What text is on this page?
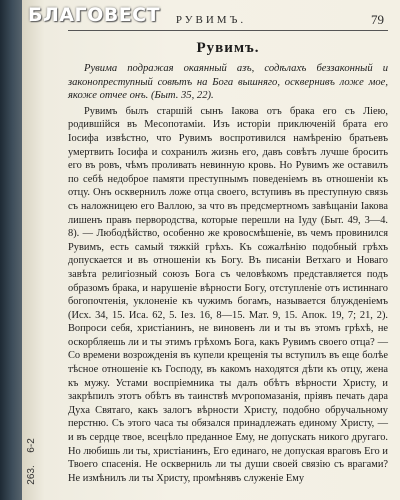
БЛАГОВЕСТ	РУВИМЪ.	79
Рувимъ.

Рувима подражая окаянный азъ, содѣлахъ беззаконный и законопреступный совѣтъ на Бога вышняго, осквернивъ ложе мое, якоже отчее онъ. (Быт. 35, 22).

Рувимъ былъ старшій сынъ Іакова отъ брака его съ Ліею, родившійся въ Месопотаміи. Изъ исторіи приключеній брата его Іосифа извѣстно, что Рувимъ воспротивился намѣренію братьевъ умертвить Іосифа и сохранилъ жизнь его, давъ совѣтъ лучше бросить его въ ровъ, чѣмъ проливать невинную кровь. Но Рувимъ же оставилъ по себѣ недоброе памяти преступнымъ поведеніемъ въ отношеніи къ отцу. Онъ осквернилъ ложе отца своего, вступивъ въ преступную связь съ наложницею его Валлою, за что въ предсмертномъ завѣщаніи Іакова лишенъ правъ первородства, которые перешли на Іуду (Быт. 49, 3—4. 8). — Любодѣйство, особенно же кровосмѣшеніе, въ чемъ провинился Рувимъ, есть самый тяжкій грѣхъ. Къ сожалѣнію подобный грѣхъ допускается и въ отношеніи къ Богу. Въ писаніи Ветхаго и Новаго завѣта религіозный союзъ Бога съ человѣкомъ представляется подъ образомъ брака, и нарушеніе вѣрности Богу, отступленіе отъ истиннаго богопочтенія, уклоненіе къ чужимъ богамъ, называется блужденіемъ (Исх. 34, 15. Иса. 62, 5. Іез. 16, 8—15. Мат. 9, 15. Апок. 19, 7; 21, 2). Вопроси себя, христіанинъ, не виновенъ ли и ты въ этомъ грѣхѣ, не оскорбляешь ли и ты этимъ грѣхомъ Бога, какъ Рувимъ своего отца? — Со времени возрожденія въ купели крещенія ты вступилъ въ еще болѣе тѣсное отношеніе къ Господу, въ какомъ находятся дѣти къ отцу, жена къ мужу. Устами воспріемника ты далъ обѣтъ вѣрности Христу, и закрѣпилъ этотъ обѣтъ въ таинствѣ мѵропомазанія, пріявъ печать дара Духа Святаго, какъ залогъ вѣрности Христу, подобно обручальному перстню. Съ этого часа ты обязался принадлежать единому Христу, — и въ сердце твое, всецѣло преданное Ему, не допускать никого другаго. Но любишь ли ты, христіанинъ, Его единаго, не допуская враговъ Его и Твоего спасенія. Не оскверниль ли ты души своей связію съ врагами? Не измѣнилъ ли ты Христу, промѣнявъ служеніе Ему

263. 6-2
